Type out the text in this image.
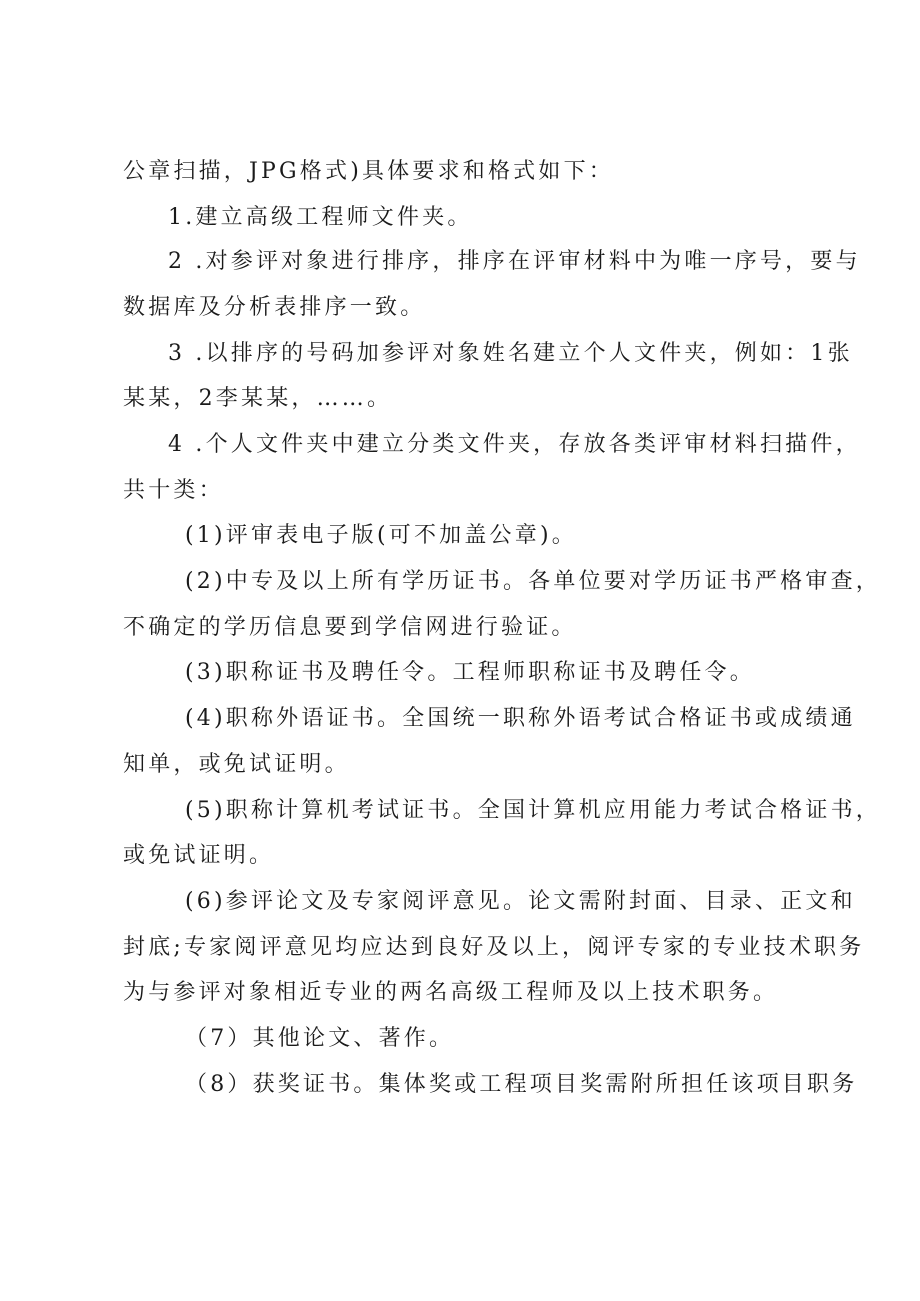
公章扫描，JPG格式)具体要求和格式如下：
1.建立高级工程师文件夹。
2 .对参评对象进行排序，排序在评审材料中为唯一序号，要与
数据库及分析表排序一致。
3 .以排序的号码加参评对象姓名建立个人文件夹，例如：1张
某某，2李某某，……。
4 .个人文件夹中建立分类文件夹，存放各类评审材料扫描件，
共十类：
(1)评审表电子版(可不加盖公章)。
(2)中专及以上所有学历证书。各单位要对学历证书严格审查，
不确定的学历信息要到学信网进行验证。
(3)职称证书及聘任令。工程师职称证书及聘任令。
(4)职称外语证书。全国统一职称外语考试合格证书或成绩通
知单，或免试证明。
(5)职称计算机考试证书。全国计算机应用能力考试合格证书，
或免试证明。
(6)参评论文及专家阅评意见。论文需附封面、目录、正文和
封底;专家阅评意见均应达到良好及以上，阅评专家的专业技术职务
为与参评对象相近专业的两名高级工程师及以上技术职务。
（7）其他论文、著作。
（8）获奖证书。集体奖或工程项目奖需附所担任该项目职务
